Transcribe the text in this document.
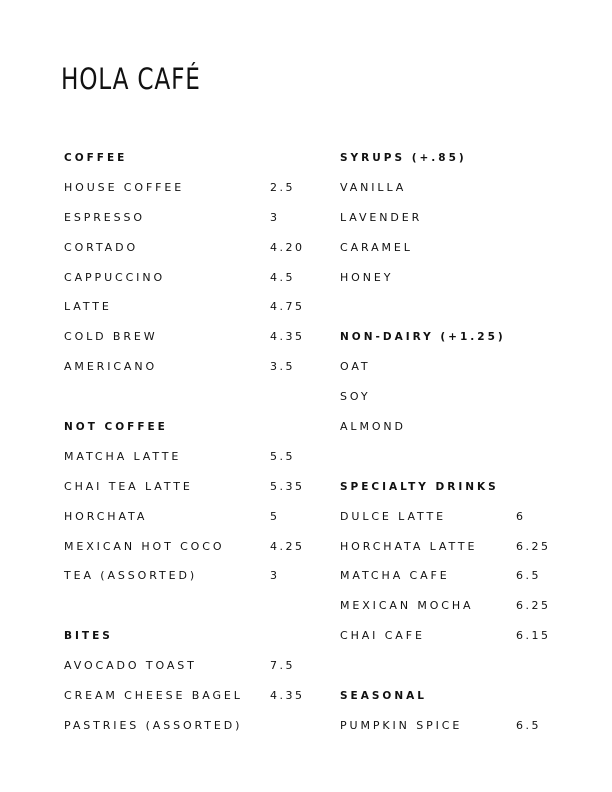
HOLA CAFÉ
COFFEE
HOUSE COFFEE	2.5
ESPRESSO	3
CORTADO	4.20
CAPPUCCINO	4.5
LATTE	4.75
COLD BREW	4.35
AMERICANO	3.5
NOT COFFEE
MATCHA LATTE	5.5
CHAI TEA LATTE	5.35
HORCHATA	5
MEXICAN HOT COCO	4.25
TEA (ASSORTED)	3
BITES
AVOCADO TOAST	7.5
CREAM CHEESE BAGEL 4.35
PASTRIES (ASSORTED)
SYRUPS (+.85)
VANILLA
LAVENDER
CARAMEL
HONEY
NON-DAIRY (+1.25)
OAT
SOY
ALMOND
SPECIALTY DRINKS
DULCE LATTE	6
HORCHATA LATTE	6.25
MATCHA CAFE	6.5
MEXICAN MOCHA	6.25
CHAI CAFE	6.15
SEASONAL
PUMPKIN SPICE	6.5
